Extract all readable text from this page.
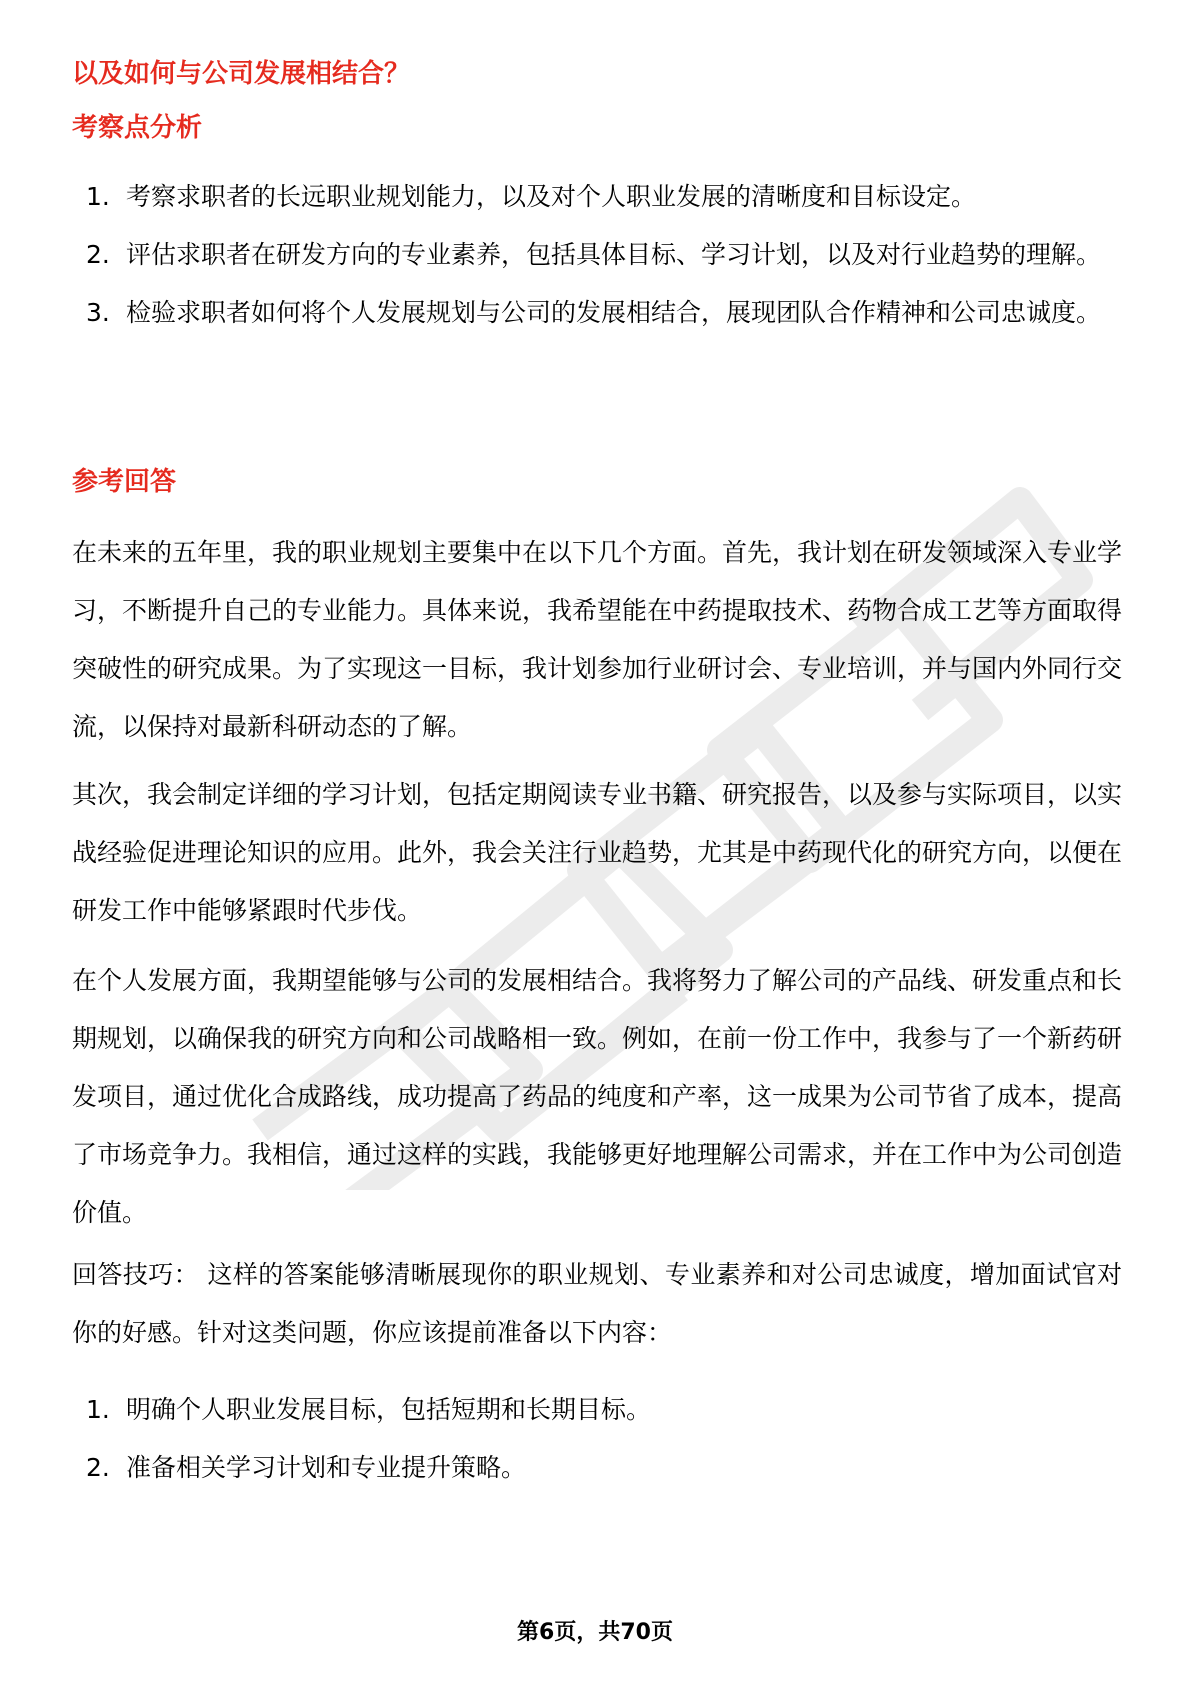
以及如何与公司发展相结合？
考察点分析
1. 考察求职者的长远职业规划能力，以及对个人职业发展的清晰度和目标设定。
2. 评估求职者在研发方向的专业素养，包括具体目标、学习计划，以及对行业趋势的理解。
3. 检验求职者如何将个人发展规划与公司的发展相结合，展现团队合作精神和公司忠诚度。
参考回答

在未来的五年里，我的职业规划主要集中在以下几个方面。首先，我计划在研发领域深入专业学习，不断提升自己的专业能力。具体来说，我希望能在中药提取技术、药物合成工艺等方面取得突破性的研究成果。为了实现这一目标，我计划参加行业研讨会、专业培训，并与国内外同行交流，以保持对最新科研动态的了解。

其次，我会制定详细的学习计划，包括定期阅读专业书籍、研究报告，以及参与实际项目，以实战经验促进理论知识的应用。此外，我会关注行业趋势，尤其是中药现代化的研究方向，以便在研发工作中能够紧跟时代步伐。

在个人发展方面，我期望能够与公司的发展相结合。我将努力了解公司的产品线、研发重点和长期规划，以确保我的研究方向和公司战略相一致。例如，在前一份工作中，我参与了一个新药研发项目，通过优化合成路线，成功提高了药品的纯度和产率，这一成果为公司节省了成本，提高了市场竞争力。我相信，通过这样的实践，我能够更好地理解公司需求，并在工作中为公司创造价值。

回答技巧： 这样的答案能够清晰展现你的职业规划、专业素养和对公司忠诚度，增加面试官对你的好感。针对这类问题，你应该提前准备以下内容：

1. 明确个人职业发展目标，包括短期和长期目标。
2. 准备相关学习计划和专业提升策略。
第6页，共70页
